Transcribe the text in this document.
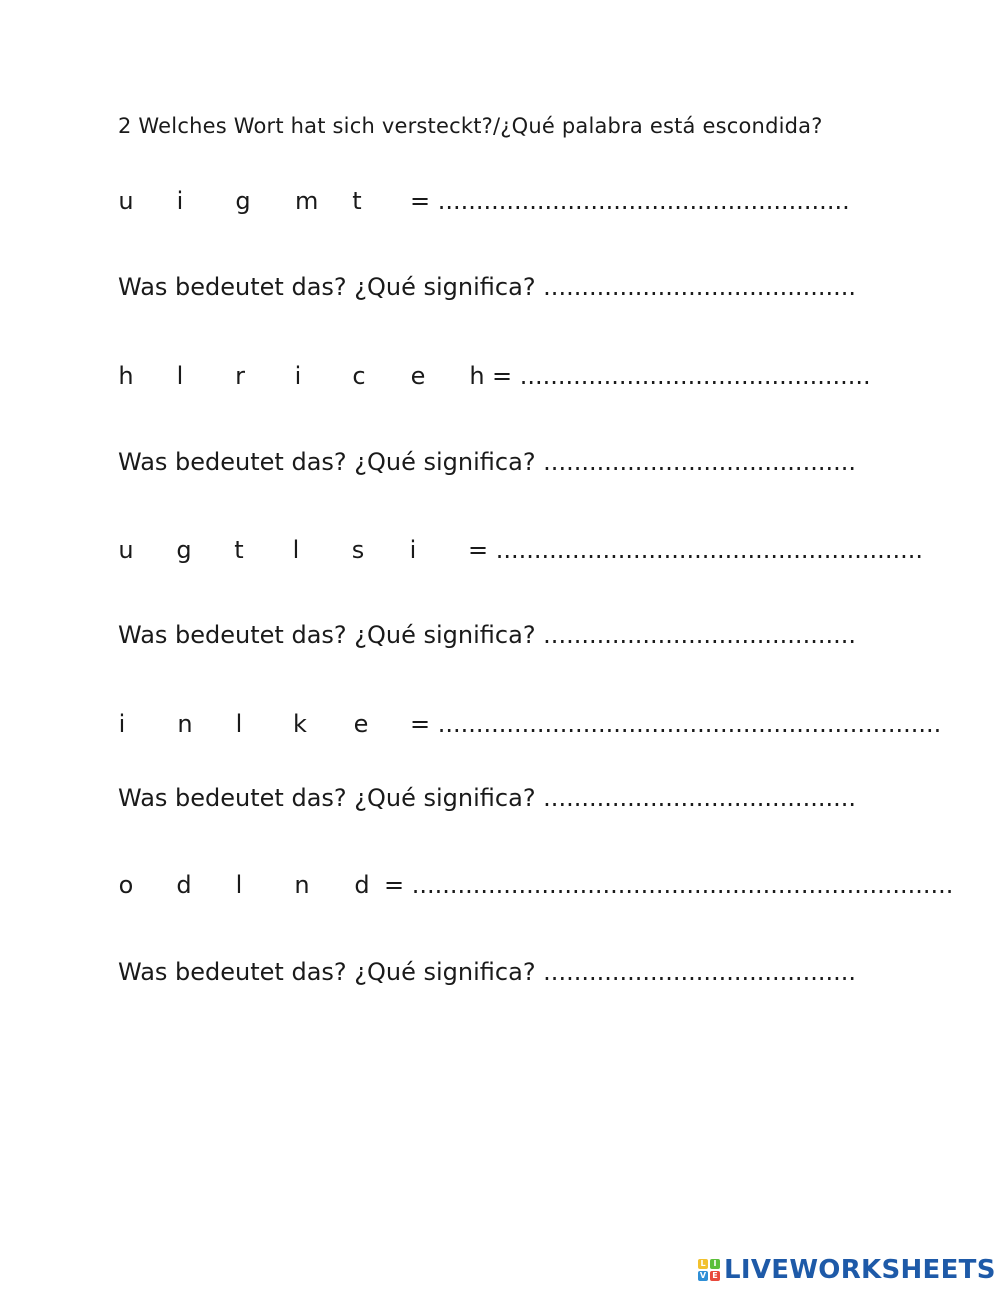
2 Welches Wort hat sich versteckt?/¿Qué palabra está escondida?
u i g m t = ......................................................
Was bedeutet das? ¿Qué significa? .........................................
h l r i c e h = ..............................................
Was bedeutet das? ¿Qué significa? .........................................
u g t l s i = ........................................................
Was bedeutet das? ¿Qué significa? .........................................
i n l k e = ..................................................................
Was bedeutet das? ¿Qué significa? .........................................
o d l n d = .......................................................................
Was bedeutet das? ¿Qué significa? .........................................
L I
V E LIVEWORKSHEETS
